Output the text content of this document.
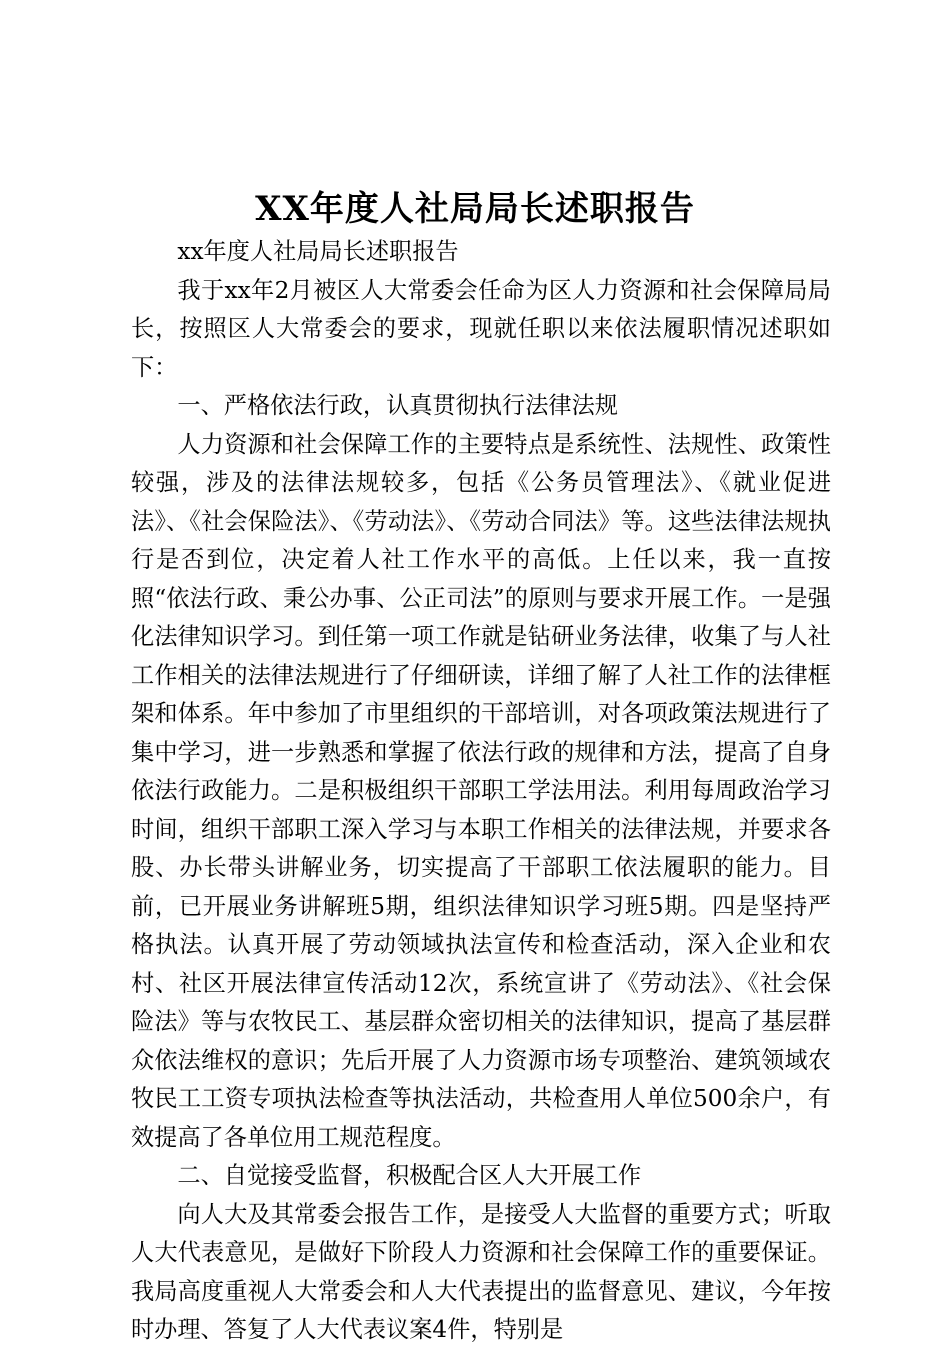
XX年度人社局局长述职报告

xx年度人社局局长述职报告

我于xx年2月被区人大常委会任命为区人力资源和社会保障局局长，按照区人大常委会的要求，现就任职以来依法履职情况述职如下：

一、严格依法行政，认真贯彻执行法律法规

人力资源和社会保障工作的主要特点是系统性、法规性、政策性较强，涉及的法律法规较多，包括《公务员管理法》、《就业促进法》、《社会保险法》、《劳动法》、《劳动合同法》等。这些法律法规执行是否到位，决定着人社工作水平的高低。上任以来，我一直按照“依法行政、秉公办事、公正司法”的原则与要求开展工作。一是强化法律知识学习。到任第一项工作就是钻研业务法律，收集了与人社工作相关的法律法规进行了仔细研读，详细了解了人社工作的法律框架和体系。年中参加了市里组织的干部培训，对各项政策法规进行了集中学习，进一步熟悉和掌握了依法行政的规律和方法，提高了自身依法行政能力。二是积极组织干部职工学法用法。利用每周政治学习时间，组织干部职工深入学习与本职工作相关的法律法规，并要求各股、办长带头讲解业务，切实提高了干部职工依法履职的能力。目前，已开展业务讲解班5期，组织法律知识学习班5期。四是坚持严格执法。认真开展了劳动领域执法宣传和检查活动，深入企业和农村、社区开展法律宣传活动12次，系统宣讲了《劳动法》、《社会保险法》等与农牧民工、基层群众密切相关的法律知识，提高了基层群众依法维权的意识；先后开展了人力资源市场专项整治、建筑领域农牧民工工资专项执法检查等执法活动，共检查用人单位500余户，有效提高了各单位用工规范程度。

二、自觉接受监督，积极配合区人大开展工作

向人大及其常委会报告工作，是接受人大监督的重要方式；听取人大代表意见，是做好下阶段人力资源和社会保障工作的重要保证。我局高度重视人大常委会和人大代表提出的监督意见、建议，今年按时办理、答复了人大代表议案4件，特别是
